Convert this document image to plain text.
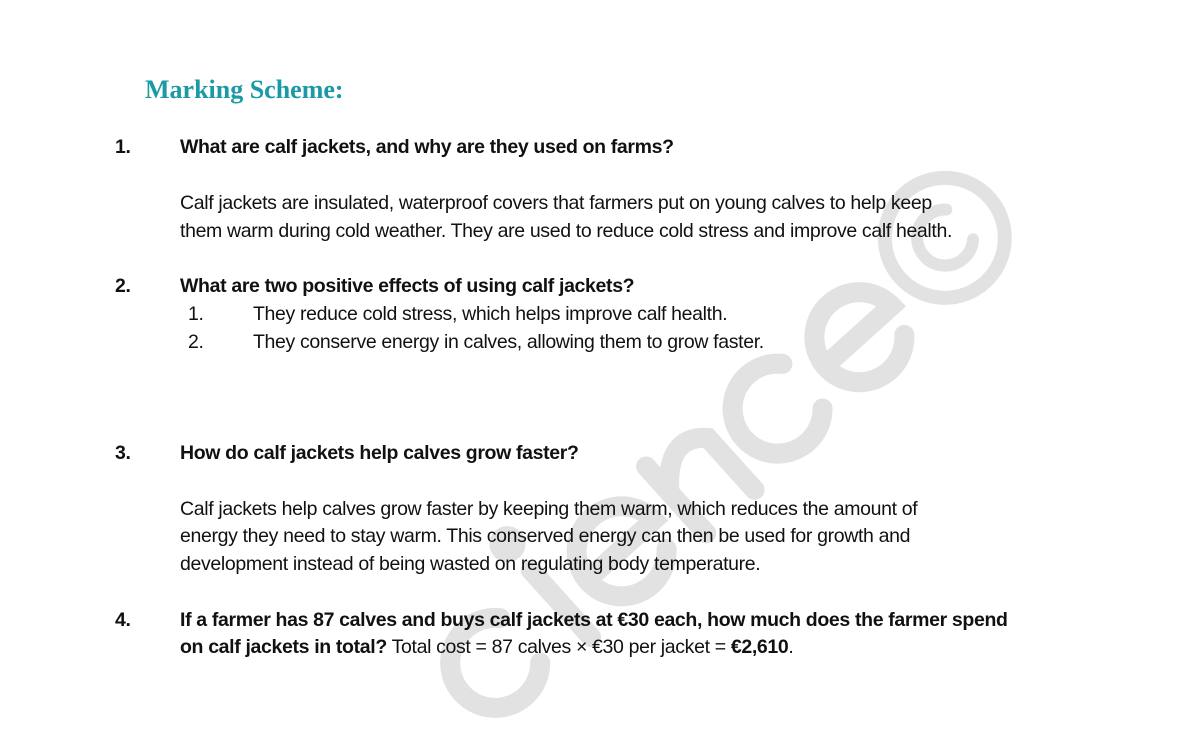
Marking Scheme:
1.	What are calf jackets, and why are they used on farms?
Calf jackets are insulated, waterproof covers that farmers put on young calves to help keep
them warm during cold weather. They are used to reduce cold stress and improve calf health.
2.	What are two positive effects of using calf jackets?
1.	They reduce cold stress, which helps improve calf health.
2.	They conserve energy in calves, allowing them to grow faster.
3.	How do calf jackets help calves grow faster?
Calf jackets help calves grow faster by keeping them warm, which reduces the amount of
energy they need to stay warm. This conserved energy can then be used for growth and
development instead of being wasted on regulating body temperature.
4.	If a farmer has 87 calves and buys calf jackets at €30 each, how much does the farmer spend
on calf jackets in total? Total cost = 87 calves × €30 per jacket = €2,610.
